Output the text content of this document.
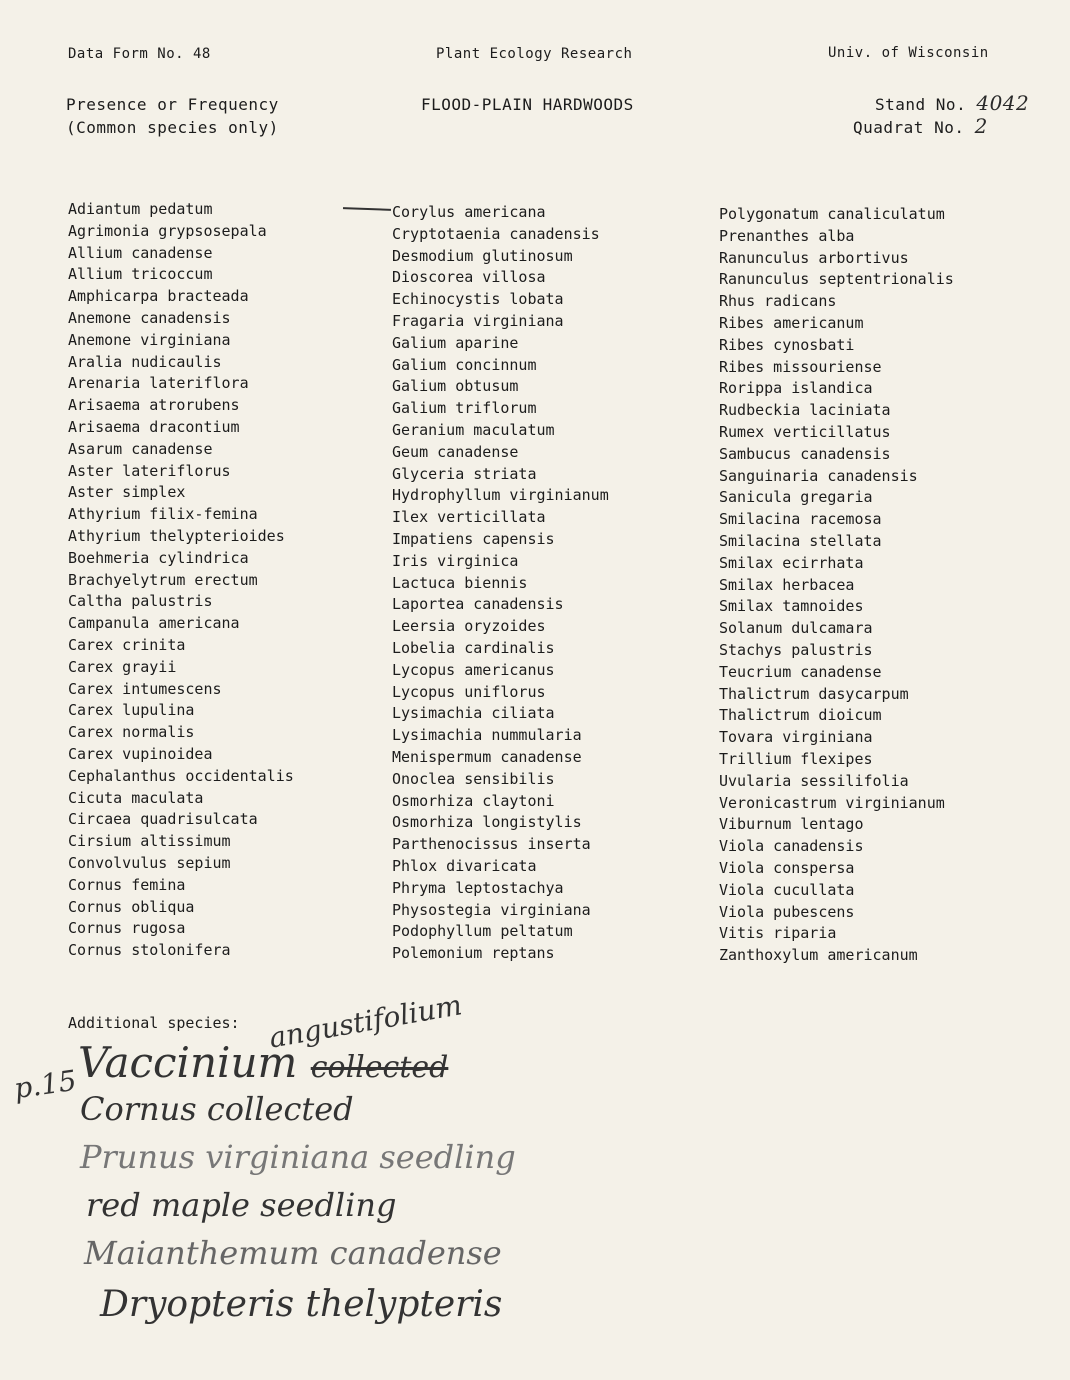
Data Form No. 48	Plant Ecology Research	Univ. of Wisconsin
Presence or Frequency
(Common species only)
FLOOD-PLAIN HARDWOODS	Stand No. 4042
Quadrat No. 2
Adiantum pedatum
Agrimonia grypsosepala
Allium canadense
Allium tricoccum
Amphicarpa bracteada
Anemone canadensis
Anemone virginiana
Aralia nudicaulis
Arenaria lateriflora
Arisaema atrorubens
Arisaema dracontium
Asarum canadense
Aster lateriflorus
Aster simplex
Athyrium filix-femina
Athyrium thelypterioides
Boehmeria cylindrica
Brachyelytrum erectum
Caltha palustris
Campanula americana
Carex crinita
Carex grayii
Carex intumescens
Carex lupulina
Carex normalis
Carex vupinoidea
Cephalanthus occidentalis
Cicuta maculata
Circaea quadrisulcata
Cirsium altissimum
Convolvulus sepium
Cornus femina
Cornus obliqua
Cornus rugosa
Cornus stolonifera
Corylus americana
Cryptotaenia canadensis
Desmodium glutinosum
Dioscorea villosa
Echinocystis lobata
Fragaria virginiana
Galium aparine
Galium concinnum
Galium obtusum
Galium triflorum
Geranium maculatum
Geum canadense
Glyceria striata
Hydrophyllum virginianum
Ilex verticillata
Impatiens capensis
Iris virginica
Lactuca biennis
Laportea canadensis
Leersia oryzoides
Lobelia cardinalis
Lycopus americanus
Lycopus uniflorus
Lysimachia ciliata
Lysimachia nummularia
Menispermum canadense
Onoclea sensibilis
Osmorhiza claytoni
Osmorhiza longistylis
Parthenocissus inserta
Phlox divaricata
Phryma leptostachya
Physostegia virginiana
Podophyllum peltatum
Polemonium reptans
Polygonatum canaliculatum
Prenanthes alba
Ranunculus arbortivus
Ranunculus septentrionalis
Rhus radicans
Ribes americanum
Ribes cynosbati
Ribes missouriense
Rorippa islandica
Rudbeckia laciniata
Rumex verticillatus
Sambucus canadensis
Sanguinaria canadensis
Sanicula gregaria
Smilacina racemosa
Smilacina stellata
Smilax ecirrhata
Smilax herbacea
Smilax tamnoides
Solanum dulcamara
Stachys palustris
Teucrium canadense
Thalictrum dasycarpum
Thalictrum dioicum
Tovara virginiana
Trillium flexipes
Uvularia sessilifolia
Veronicastrum virginianum
Viburnum lentago
Viola canadensis
Viola conspersa
Viola cucullata
Viola pubescens
Vitis riparia
Zanthoxylum americanum
Additional species:
p.15
angustifolium
Vaccinium collected
Cornus collected
Prunus virginiana seedling
red maple seedling
Maianthemum canadense
Dryopteris thelypteris
